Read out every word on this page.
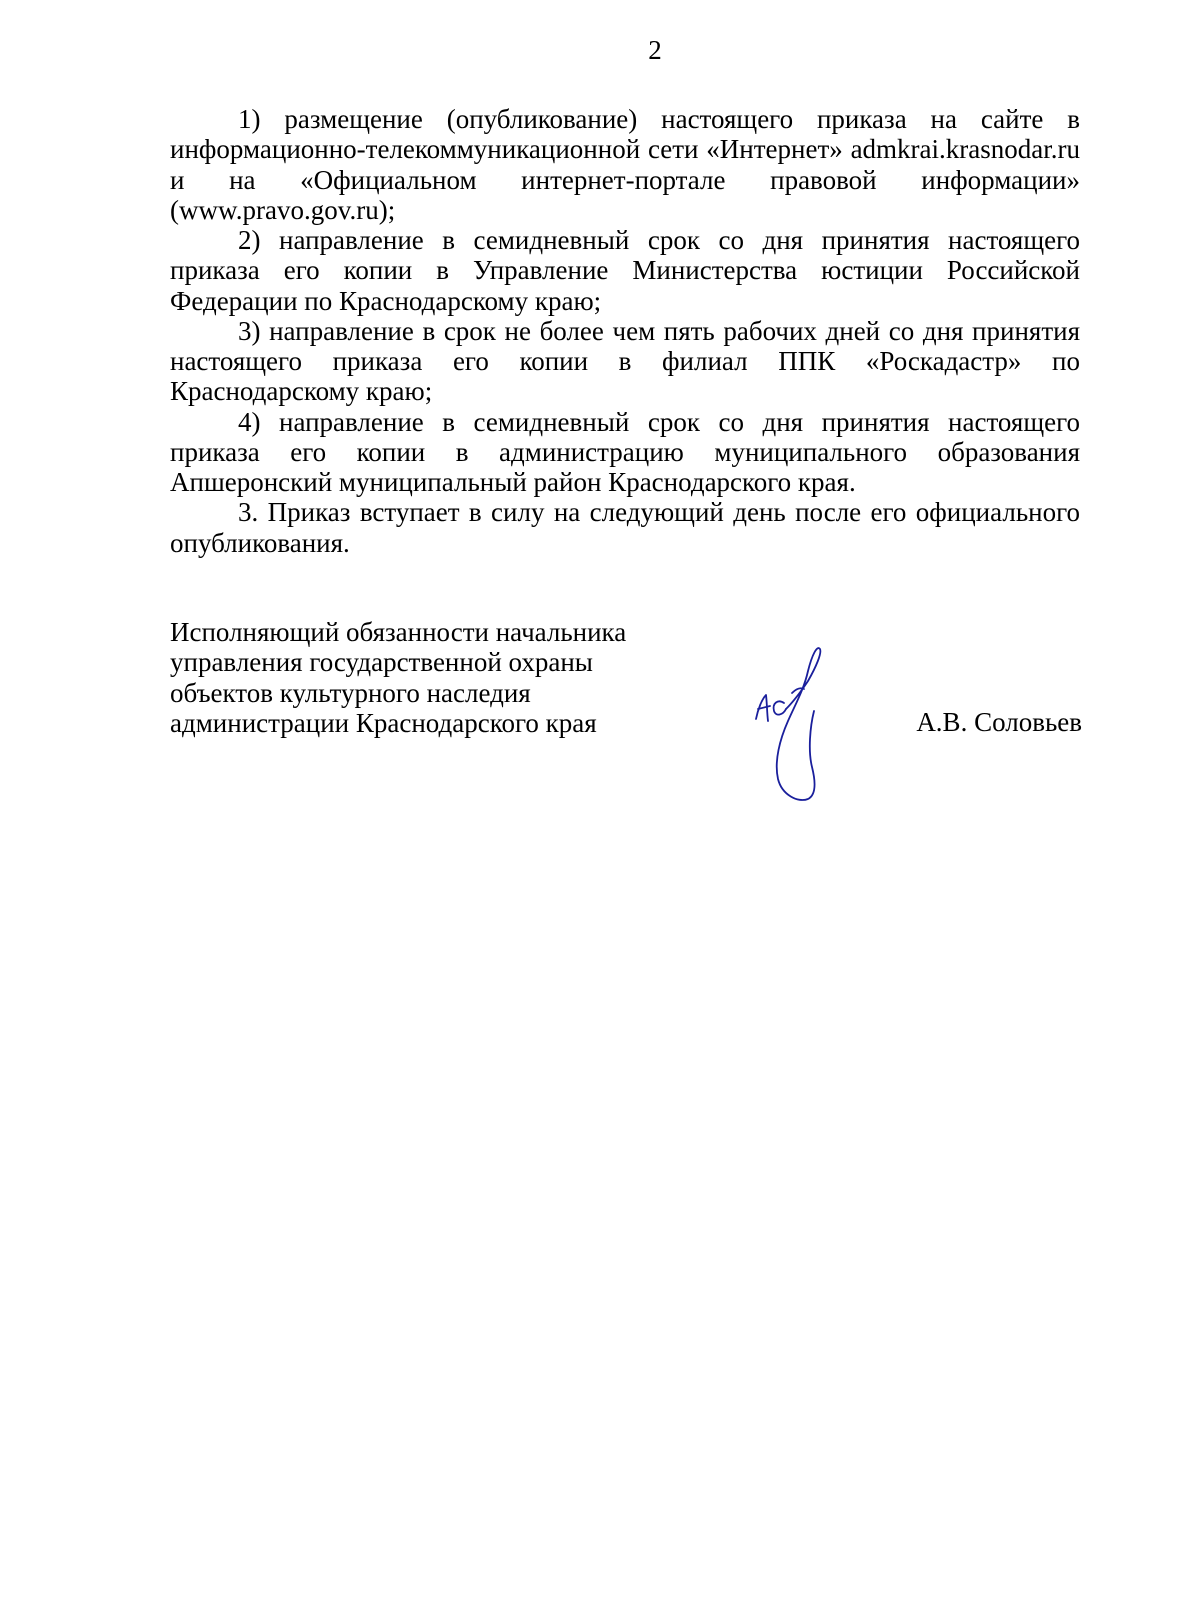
2

1) размещение (опубликование) настоящего приказа на сайте в информационно-телекоммуникационной сети «Интернет» admkrai.krasnodar.ru и на «Официальном интернет-портале правовой информации» (www.pravo.gov.ru);

2) направление в семидневный срок со дня принятия настоящего приказа его копии в Управление Министерства юстиции Российской Федерации по Краснодарскому краю;

3) направление в срок не более чем пять рабочих дней со дня принятия настоящего приказа его копии в филиал ППК «Роскадастр» по Краснодарскому краю;

4) направление в семидневный срок со дня принятия настоящего приказа его копии в администрацию муниципального образования Апшеронский муниципальный район Краснодарского края.

3. Приказ вступает в силу на следующий день после его официального опубликования.

Исполняющий обязанности начальника
управления государственной охраны
объектов культурного наследия
администрации Краснодарского края	А.В. Соловьев
